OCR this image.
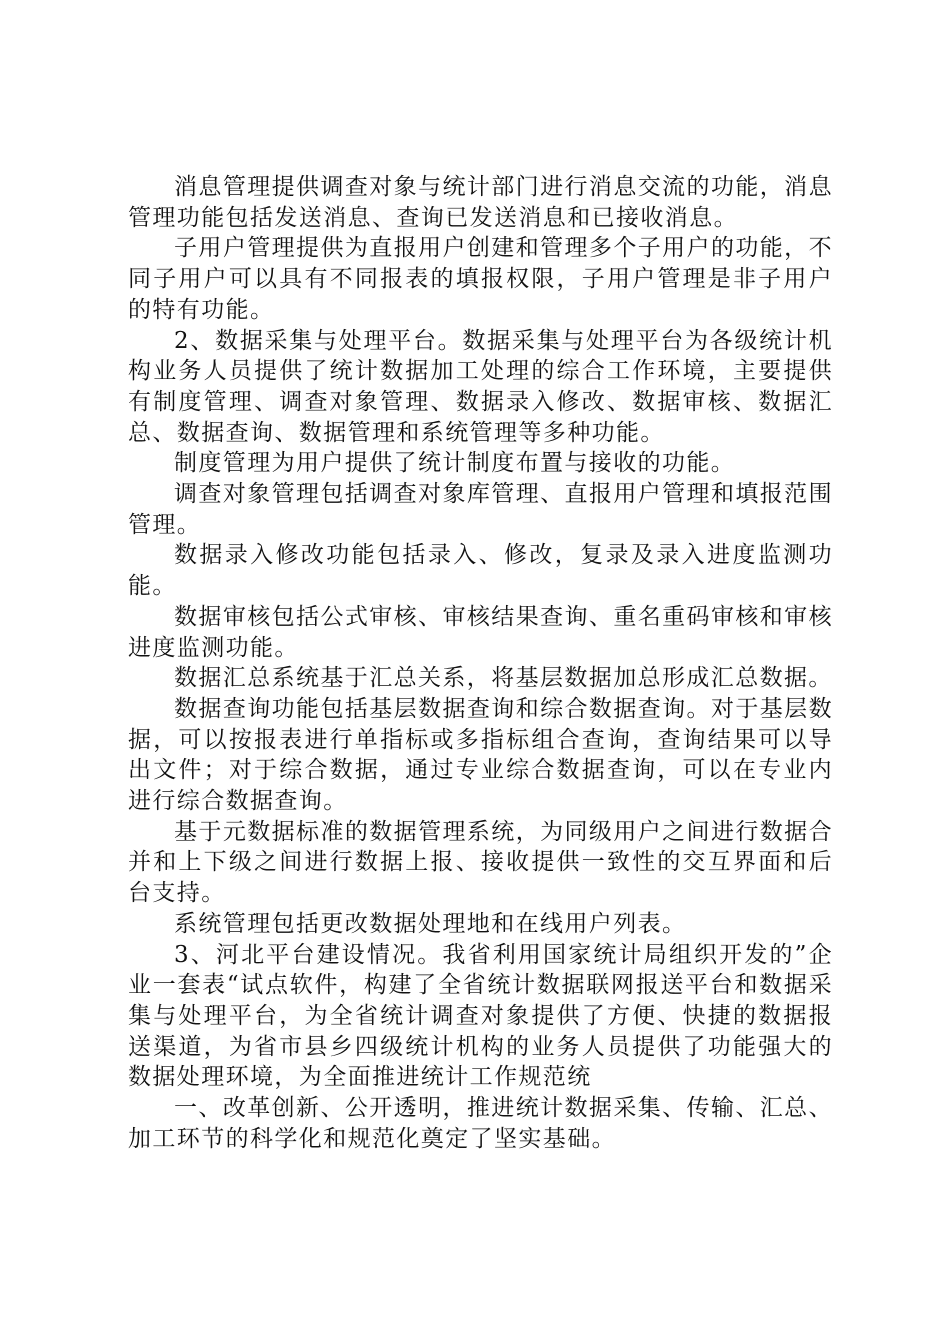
消息管理提供调查对象与统计部门进行消息交流的功能，消息管理功能包括发送消息、查询已发送消息和已接收消息。

子用户管理提供为直报用户创建和管理多个子用户的功能，不同子用户可以具有不同报表的填报权限，子用户管理是非子用户的特有功能。

2、数据采集与处理平台。数据采集与处理平台为各级统计机构业务人员提供了统计数据加工处理的综合工作环境，主要提供有制度管理、调查对象管理、数据录入修改、数据审核、数据汇总、数据查询、数据管理和系统管理等多种功能。

制度管理为用户提供了统计制度布置与接收的功能。

调查对象管理包括调查对象库管理、直报用户管理和填报范围管理。

数据录入修改功能包括录入、修改，复录及录入进度监测功能。

数据审核包括公式审核、审核结果查询、重名重码审核和审核进度监测功能。

数据汇总系统基于汇总关系，将基层数据加总形成汇总数据。

数据查询功能包括基层数据查询和综合数据查询。对于基层数据，可以按报表进行单指标或多指标组合查询，查询结果可以导出文件；对于综合数据，通过专业综合数据查询，可以在专业内进行综合数据查询。

基于元数据标准的数据管理系统，为同级用户之间进行数据合并和上下级之间进行数据上报、接收提供一致性的交互界面和后台支持。

系统管理包括更改数据处理地和在线用户列表。

3、河北平台建设情况。我省利用国家统计局组织开发的”企业一套表“试点软件，构建了全省统计数据联网报送平台和数据采集与处理平台，为全省统计调查对象提供了方便、快捷的数据报送渠道，为省市县乡四级统计机构的业务人员提供了功能强大的数据处理环境，为全面推进统计工作规范统

一、改革创新、公开透明，推进统计数据采集、传输、汇总、加工环节的科学化和规范化奠定了坚实基础。
